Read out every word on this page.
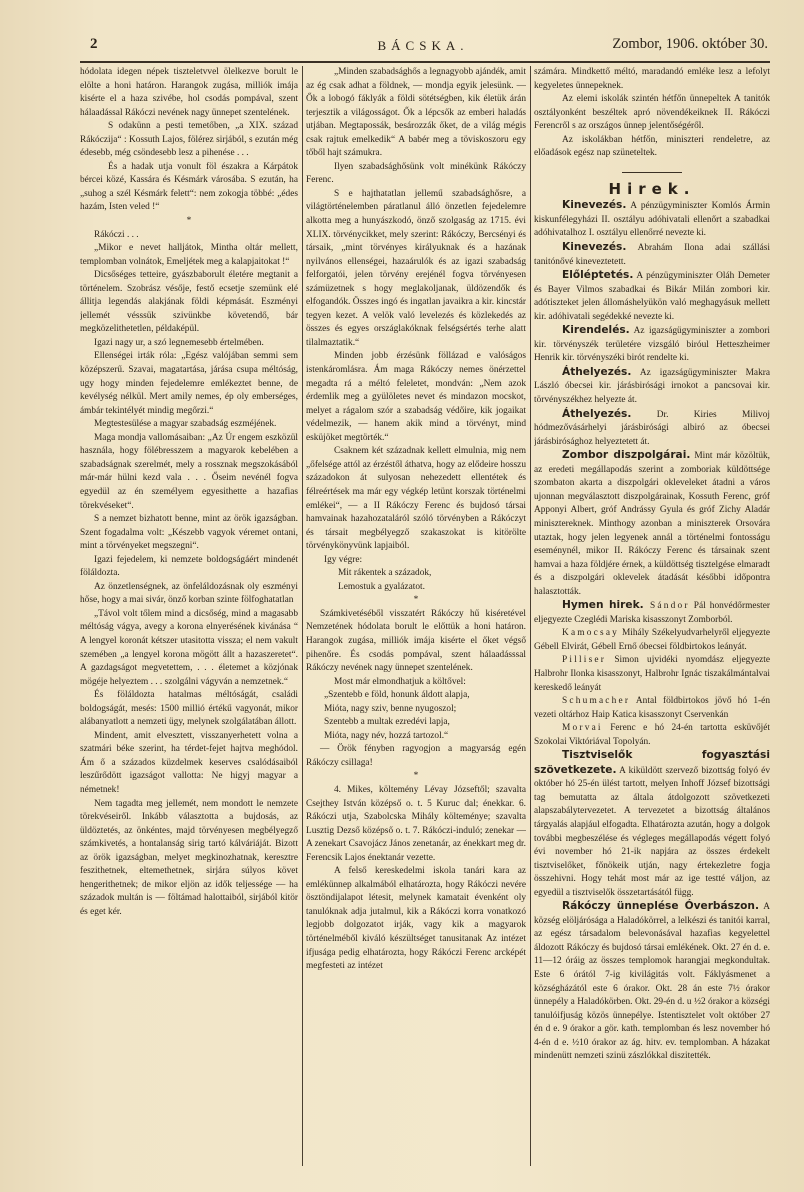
2	BÁCSKA.	Zombor, 1906. október 30.

hódolata idegen népek tiszteletvvel ölelkezve borult le elölte a honi határon. Harangok zugása, milliók imája kisérte el a haza szivébe, hol csodás pompával, szent hálaadással Rákóczi nevének nagy ünnepet szentelének.

S odakünn a pesti temetőben, „a XIX. század Rákóczija“ : Kossuth Lajos, fölérez sirjából, s ezután még édesebb, még csöndesebb lesz a pihenése . . .

És a hadak utja vonult föl északra a Kárpátok bércei közé, Kassára és Késmárk városába. S ezután, ha „suhog a szél Késmárk felett“: nem zokogja többé: „édes hazám, Isten veled !“

*

Rákóczi . . .

„Mikor e nevet halljátok, Mintha oltár mellett, templomban volnátok, Emeljétek meg a kalapjaitokat !“

Dicsőséges tetteire, gyászbaborult életére megtanit a történelem. Szobrász vésője, festő ecsetje szemünk elé állitja legendás alakjának földi képmását. Eszményi jellemét vésssük szivünkbe követendő, bár megközelithetetlen, példaképül.

Igazi nagy ur, a szó legnemesebb értelmében.

Ellenségei irták róla: „Egész valójában semmi sem középszerű. Szavai, magatartása, járása csupa méltóság, ugy hogy minden fejedelemre emlékeztet benne, de kevélység nélkül. Mert amily nemes, ép oly emberséges, ámbár tekintélyét mindig megőrzi.“

Megtestesülése a magyar szabadság eszméjének.

Maga mondja vallomásaiban: „Az Úr engem eszközül használa, hogy fölébresszem a magyarok kebelében a szabadságnak szerelmét, mely a rossznak megszokásából már-már hülni kezd vala . . . Őseim nevénél fogva egyedül az én személyem egyesithette a hazafias törekvéseket“.

S a nemzet bizhatott benne, mint az örök igazságban. Szent fogadalma volt: „Készebb vagyok véremet ontani, mint a törvényeket megszegni“.

Igazi fejedelem, ki nemzete boldogságáért mindenét föláldozta.

Az önzetlenségnek, az önfeláldozásnak oly eszményi hőse, hogy a mai sivár, önző korban szinte fölfoghatatlan

„Távol volt tőlem mind a dicsőség, mind a magasabb méltóság vágya, avegy a korona elnyerésének kivánása “ A lengyel koronát kétszer utasitotta vissza; el nem vakult szemében „a lengyel korona mögött állt a hazaszeretet“. A gazdagságot megvetettem, . . . életemet a közjónak mögéje helyeztem . . . szolgálni vágyván a nemzetnek.“

És föláldozta hatalmas méltóságát, családi boldogságát, mesés: 1500 millió értékű vagyonát, mikor alábanyatlott a nemzeti ügy, melynek szolgálatában állott.

Mindent, amit elvesztett, visszanyerhetett volna a szatmári béke szerint, ha térdet-fejet hajtva meghódol. Ám ő a százados küzdelmek keserves csalódásaiból leszűrődött igazságot vallotta: Ne higyj magyar a németnek!

Nem tagadta meg jellemét, nem mondott le nemzete törekvéseiről. Inkább választotta a bujdosás, az üldöztetés, az önkéntes, majd törvényesen megbélyegző számkivetés, a hontalanság sirig tartó kálváriáját. Bizott az örök igazságban, melyet megkinozhatnak, keresztre feszithetnek, eltemethetnek, sirjára súlyos követ hengerithetnek; de mikor eljön az idők teljessége — ha századok multán is — föltámad halottaiból, sirjából kitör és eget kér.

„Minden szabadsághős a legnagyobb ajándék, amit az ég csak adhat a földnek, — mondja egyik jelesünk. — Ők a lobogó fáklyák a földi sötétségben, kik életük árán terjesztik a világosságot. Ők a lépcsők az emberi haladás utjában. Megtapossák, besározzák őket, de a világ mégis csak rajtuk emelkedik“ A babér meg a töviskoszoru egy tőből hajt számukra.

Ilyen szabadsághősünk volt minékünk Rákóczy Ferenc.

S e hajthatatlan jellemű szabadsághősre, a világtörténelemben páratlanul álló önzetlen fejedelemre alkotta meg a hunyászkodó, önző szolgaság az 1715. évi XLIX. törvénycikket, mely szerint: Rákóczy, Bercsényi és társaik, „mint törvényes királyuknak és a hazának nyilvános ellenségei, hazaárulók és az igazi szabadság felforgatói, jelen törvény erejénél fogva törvényesen számüzetnek s hogy meglakoljanak, üldözendők és elfogandók. Összes ingó és ingatlan javaikra a kir. kincstár tegyen kezet. A velök való levelezés és közlekedés az összes és egyes országlakóknak felségsértés terhe alatt tilalmaztatik.“

Minden jobb érzésünk föllázad e valóságos istenkáromlásra. Ám maga Rákóczy nemes önérzettel megadta rá a méltó feleletet, mondván: „Nem azok érdemlik meg a gyülöletes nevet és mindazon mocskot, melyet a rágalom szór a szabadság védőire, kik jogaikat védelmezik, — hanem akik mind a törvényt, mind esküjöket megtörték.“

Csaknem két századnak kellett elmulnia, mig nem „őfelsége attól az érzéstől áthatva, hogy az elődeire hosszu századokon át sulyosan nehezedett ellentétek és félreértések ma már egy végkép letünt korszak történelmi emlékei“, — a II Rákóczy Ferenc és bujdosó társai hamvainak hazahozataláról szóló törvényben a Rákóczyt és társait megbélyegző szakaszokat is kitörölte törvénykönyvünk lapjaiból.

Igy végre:

Mit rákentek a századok,

Lemostuk a gyalázatot.

*

Számkivetéséből visszatért Rákóczy hű kiséretével Nemzetének hódolata borult le előttük a honi határon. Harangok zugása, milliók imája kisérte el őket végső pihenőre. És csodás pompával, szent hálaadásssal Rákóczy nevének nagy ünnepet szentelének.

Most már elmondhatjuk a költővel:

„Szentebb e föld, honunk áldott alapja,

Mióta, nagy sziv, benne nyugoszol;

Szentebb a multak ezredévi lapja,

Mióta, nagy név, hozzá tartozol.“

— Örök fényben ragyogjon a magyarság egén Rákóczy csillaga!

*

4. Mikes, költemény Lévay Józseftől; szavalta Csejthey István középső o. t. 5 Kuruc dal; énekkar. 6. Rákóczi utja, Szabolcska Mihály költeménye; szavalta Lusztig Dezső középső o. t. 7. Rákóczi-induló; zenekar — A zenekart Csavojácz János zenetanár, az énekkart meg dr. Ferencsik Lajos énektanár vezette.

A felső kereskedelmi iskola tanári kara az emlékünnep alkalmából elhatározta, hogy Rákóczi nevére ösztöndijalapot létesit, melynek kamatait évenként oly tanulóknak adja jutalmul, kik a Rákóczi korra vonatkozó legjobb dolgozatot irják, vagy kik a magyarok történelméből kiváló készültséget tanusitanak Az intézet ifjusága pedig elhatározta, hogy Rákóczi Ferenc arcképét megfesteti az intézet

számára. Mindkettő méltó, maradandó emléke lesz a lefolyt kegyeletes ünnepeknek.

Az elemi iskolák szintén hétfőn ünnepeltek A tanitók osztályonként beszéltek apró növendékeiknek II. Rákóczi Ferencről s az országos ünnep jelentőségéről.

Az iskolákban hétfőn, miniszteri rendeletre, az előadások egész nap szüneteltek.

Hirek.

Kinevezés. A pénzügyminiszter Komlós Ármin kiskunfélegyházi II. osztályu adóhivatali ellenőrt a szabadkai adóhivatalhoz I. osztályu ellenőrré nevezte ki.

Kinevezés. Abrahám Ilona adai szállási tanitónővé kineveztetett.

Előléptetés. A pénzügyminiszter Oláh Demeter és Bayer Vilmos szabadkai és Bikár Milán zombori kir. adótiszteket jelen állomáshelyükön való meghagyásuk mellett kir. adóhivatali segédekké nevezte ki.

Kirendelés. Az igazságügyminiszter a zombori kir. törvényszék területére vizsgáló biróul Hetteszheimer Henrik kir. törvényszéki birót rendelte ki.

Áthelyezés. Az igazságügyminiszter Makra László óbecsei kir. járásbirósági irnokot a pancsovai kir. törvényszékhez helyezte át.

Áthelyezés. Dr. Kiries Milivoj hódmezővásárhelyi járásbirósági albiró az óbecsei járásbirósághoz helyeztetett át.

Zombor diszpolgárai. Mint már közöltük, az eredeti megállapodás szerint a zomboriak küldöttsége szombaton akarta a diszpolgári okleveleket átadni a város ujonnan megválasztott diszpolgárainak, Kossuth Ferenc, gróf Apponyi Albert, gróf Andrássy Gyula és gróf Zichy Aladár minisztereknek. Minthogy azonban a miniszterek Orsovára utaztak, hogy jelen legyenek annál a történelmi fontosságu eseménynél, mikor II. Rákóczy Ferenc és társainak szent hamvai a haza földjére érnek, a küldöttség tisztelgése elmaradt és a diszpolgári oklevelek átadását későbbi időpontra halasztották.

Hymen hirek. Sándor Pál honvédőrmester eljegyezte Czeglédi Mariska kisasszonyt Zomborból.

Kamocsay Mihály Székelyudvarhelyről eljegyezte Gébell Elvirát, Gébell Ernő óbecsei földbirtokos leányát.

Pilliser Simon ujvidéki nyomdász eljegyezte Halbrohr Ilonka kisasszonyt, Halbrohr Ignác tiszakálmántalvai kereskedő leányát

Schumacher Antal földbirtokos jövő hó 1-én vezeti oltárhoz Haip Katica kisasszonyt Cservenkán

Morvai Ferenc e hó 24-én tartotta esküvőjét Szokolai Viktóriával Topolyán.

Tisztviselők fogyasztási szövetkezete. A kiküldött szervező bizottság folyó év október hó 25-én ülést tartott, melyen Inhoff József bizottsági tag bemutatta az általa átdolgozott szövetkezeti alapszabálytervezetet. A tervezetet a bizottság általános tárgyalás alapjául elfogadta. Elhatározta azután, hogy a dolgok további megbeszélése és végleges megállapodás végett folyó évi november hó 21-ik napjára az összes érdekelt tisztviselőket, főnökeik utján, nagy értekezletre fogja összehivni. Hogy tehát most már az ige testté váljon, az egyedül a tisztviselők összetartásától függ.

Rákóczy ünneplése Óverbászon. A község elöljárósága a Haladókörrel, a lelkészi és tanitói karral, az egész társadalom belevonásával hazafias kegyelettel áldozott Rákóczy és bujdosó társai emlékének. Okt. 27 én d. e. 11—12 óráig az összes templomok harangjai megkondultak. Este 6 órától 7-ig kivilágitás volt. Fáklyásmenet a községházától este 6 órakor. Okt. 28 án este 7½ órakor ünnepély a Haladókörben. Okt. 29-én d. u ½2 órakor a községi tanulóifjuság közös ünnepélye. Istentisztelet volt október 27 én d e. 9 órakor a gör. kath. templomban és lesz november hó 4-én d e. ½10 órakor az ág. hitv. ev. templomban. A házakat mindenütt nemzeti szinü zászlókkal diszitették.
